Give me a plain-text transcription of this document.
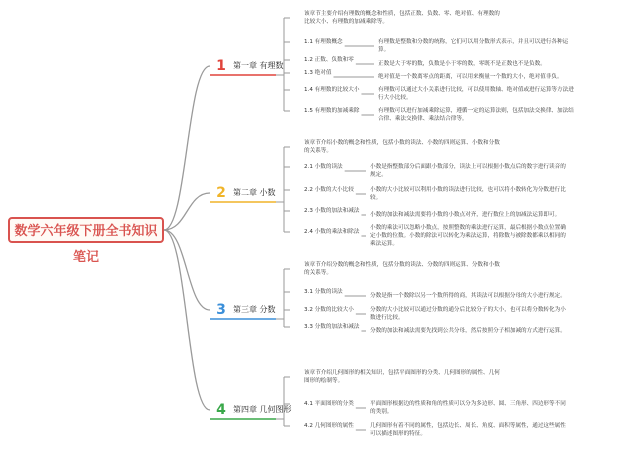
数学六年级下册全书知识笔记
1 第一章 有理数
该章节主要介绍有理数的概念和性质，包括正数、负数、零、绝对值、有理数的
比较大小、有理数的加减乘除等。
1.1 有理数概念	有理数是整数和分数的统称，它们可以用分数形式表示，并且可以进行各种运
算。
1.2 正数、负数和零
正数是大于零的数，负数是小于零的数，零既不是正数也不是负数。
1.3 绝对值
绝对值是一个数离零点的距离，可以用来衡量一个数的大小，绝对值非负。
1.4 有理数的比较大小	有理数可以通过大小关系进行比较，可以使用数轴、绝对值或进行运算等方法进
行大小比较。
1.5 有理数的加减乘除	有理数可以进行加减乘除运算，遵循一定的运算法则，包括加法交换律、加法结
合律、乘法交换律、乘法结合律等。
2 第二章 小数
该章节介绍小数的概念和性质，包括小数的读法、小数的四则运算、小数和分数
的关系等。
2.1 小数的读法	小数是指整数部分后面跟小数部分，读法上可以根据小数点后的数字进行读音的
规定。
2.2 小数的大小比较	小数的大小比较可以利用小数的读法进行比较，也可以将小数转化为分数进行比
较。
2.3 小数的加法和减法
小数的加法和减法需要将小数的小数点对齐，进行数位上的加减法运算即可。
2.4 小数的乘法和除法
小数的乘法可以忽略小数点，按照整数的乘法进行运算，最后根据小数点位置确
定小数的位数。小数的除法可以转化为乘法运算，将除数与被除数都乘以相同的
乘法运算。
3 第三章 分数
该章节介绍分数的概念和性质，包括分数的读法、分数的四则运算、分数和小数
的关系等。
3.1 分数的读法
分数是指一个数除以另一个数所得的商，其读法可以根据分母的大小进行规定。
3.2 分数的比较大小	分数的大小比较可以通过分数的通分后比较分子的大小，也可以将分数转化为小
数进行比较。
3.3 分数的加法和减法
分数的加法和减法需要先找到公共分母，然后按照分子相加减的方式进行运算。
4 第四章 几何图形
该章节介绍几何图形的相关知识，包括平面图形的分类、几何图形的属性、几何
图形的绘制等。
4.1 平面图形的分类	平面图形根据边的性质和角的性质可以分为多边形、圆、三角形、四边形等不同
的类别。
4.2 几何图形的属性	几何图形有着不同的属性，包括边长、周长、角度、面积等属性，通过这些属性
可以描述图形的特征。
